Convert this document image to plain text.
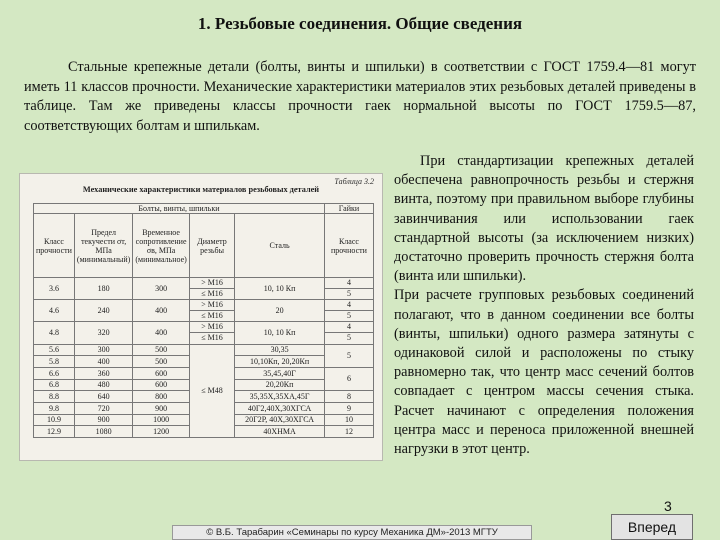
1. Резьбовые соединения. Общие сведения

Стальные крепежные детали (болты, винты и шпильки) в соответствии с ГОСТ 1759.4—81 могут иметь 11 классов прочности. Механические характеристики материалов этих резьбовых деталей приведены в таблице. Там же приведены классы прочности гаек нормальной высоты по ГОСТ 1759.5—87, соответствующих болтам и шпилькам.

Таблица 3.2
Механические характеристики материалов резьбовых деталей
Болты, винты, шпильки					Гайки
Класс прочности	Предел текучести σт, МПа (минимальный)	Временное сопротивление σв, МПа (минимальное)	Диаметр резьбы	Сталь	Класс прочности
3.6	180	300	> М16	10, 10 Кп	4
			≤ М16		5
4.6	240	400	> М16	20	4
			≤ М16		5
4.8	320	400	> М16	10, 10 Кп	4
			≤ М16		5
5.6	300	500	≤ М48	30,35	5
5.8	400	500		10,10Кп, 20,20Кп	
6.6	360	600		35,45,40Г	6
6.8	480	600		20,20Кп	
8.8	640	800		35,35Х,35ХА,45Г	8
9.8	720	900		40Г2,40Х,30ХГСА	9
10.9	900	1000		20Г2Р, 40Х,30ХГСА	10
12.9	1080	1200		40ХНМА	12

При стандартизации крепежных деталей обеспечена равнопрочность резьбы и стержня винта, поэтому при правильном выборе глубины завинчивания или использовании гаек стандартной высоты (за исключением низких) достаточно проверить прочность стержня болта (винта или шпильки).

При расчете групповых резьбовых соединений полагают, что в данном соединении все болты (винты, шпильки) одного размера затянуты с одинаковой силой и расположены по стыку равномерно так, что центр масс сечений болтов совпадает с центром массы сечения стыка. Расчет начинают с определения положения центра масс и переноса приложенной внешней нагрузки в этот центр.

3
© В.Б. Тарабарин «Семинары по курсу Механика ДМ»-2013 МГТУ	Вперед
